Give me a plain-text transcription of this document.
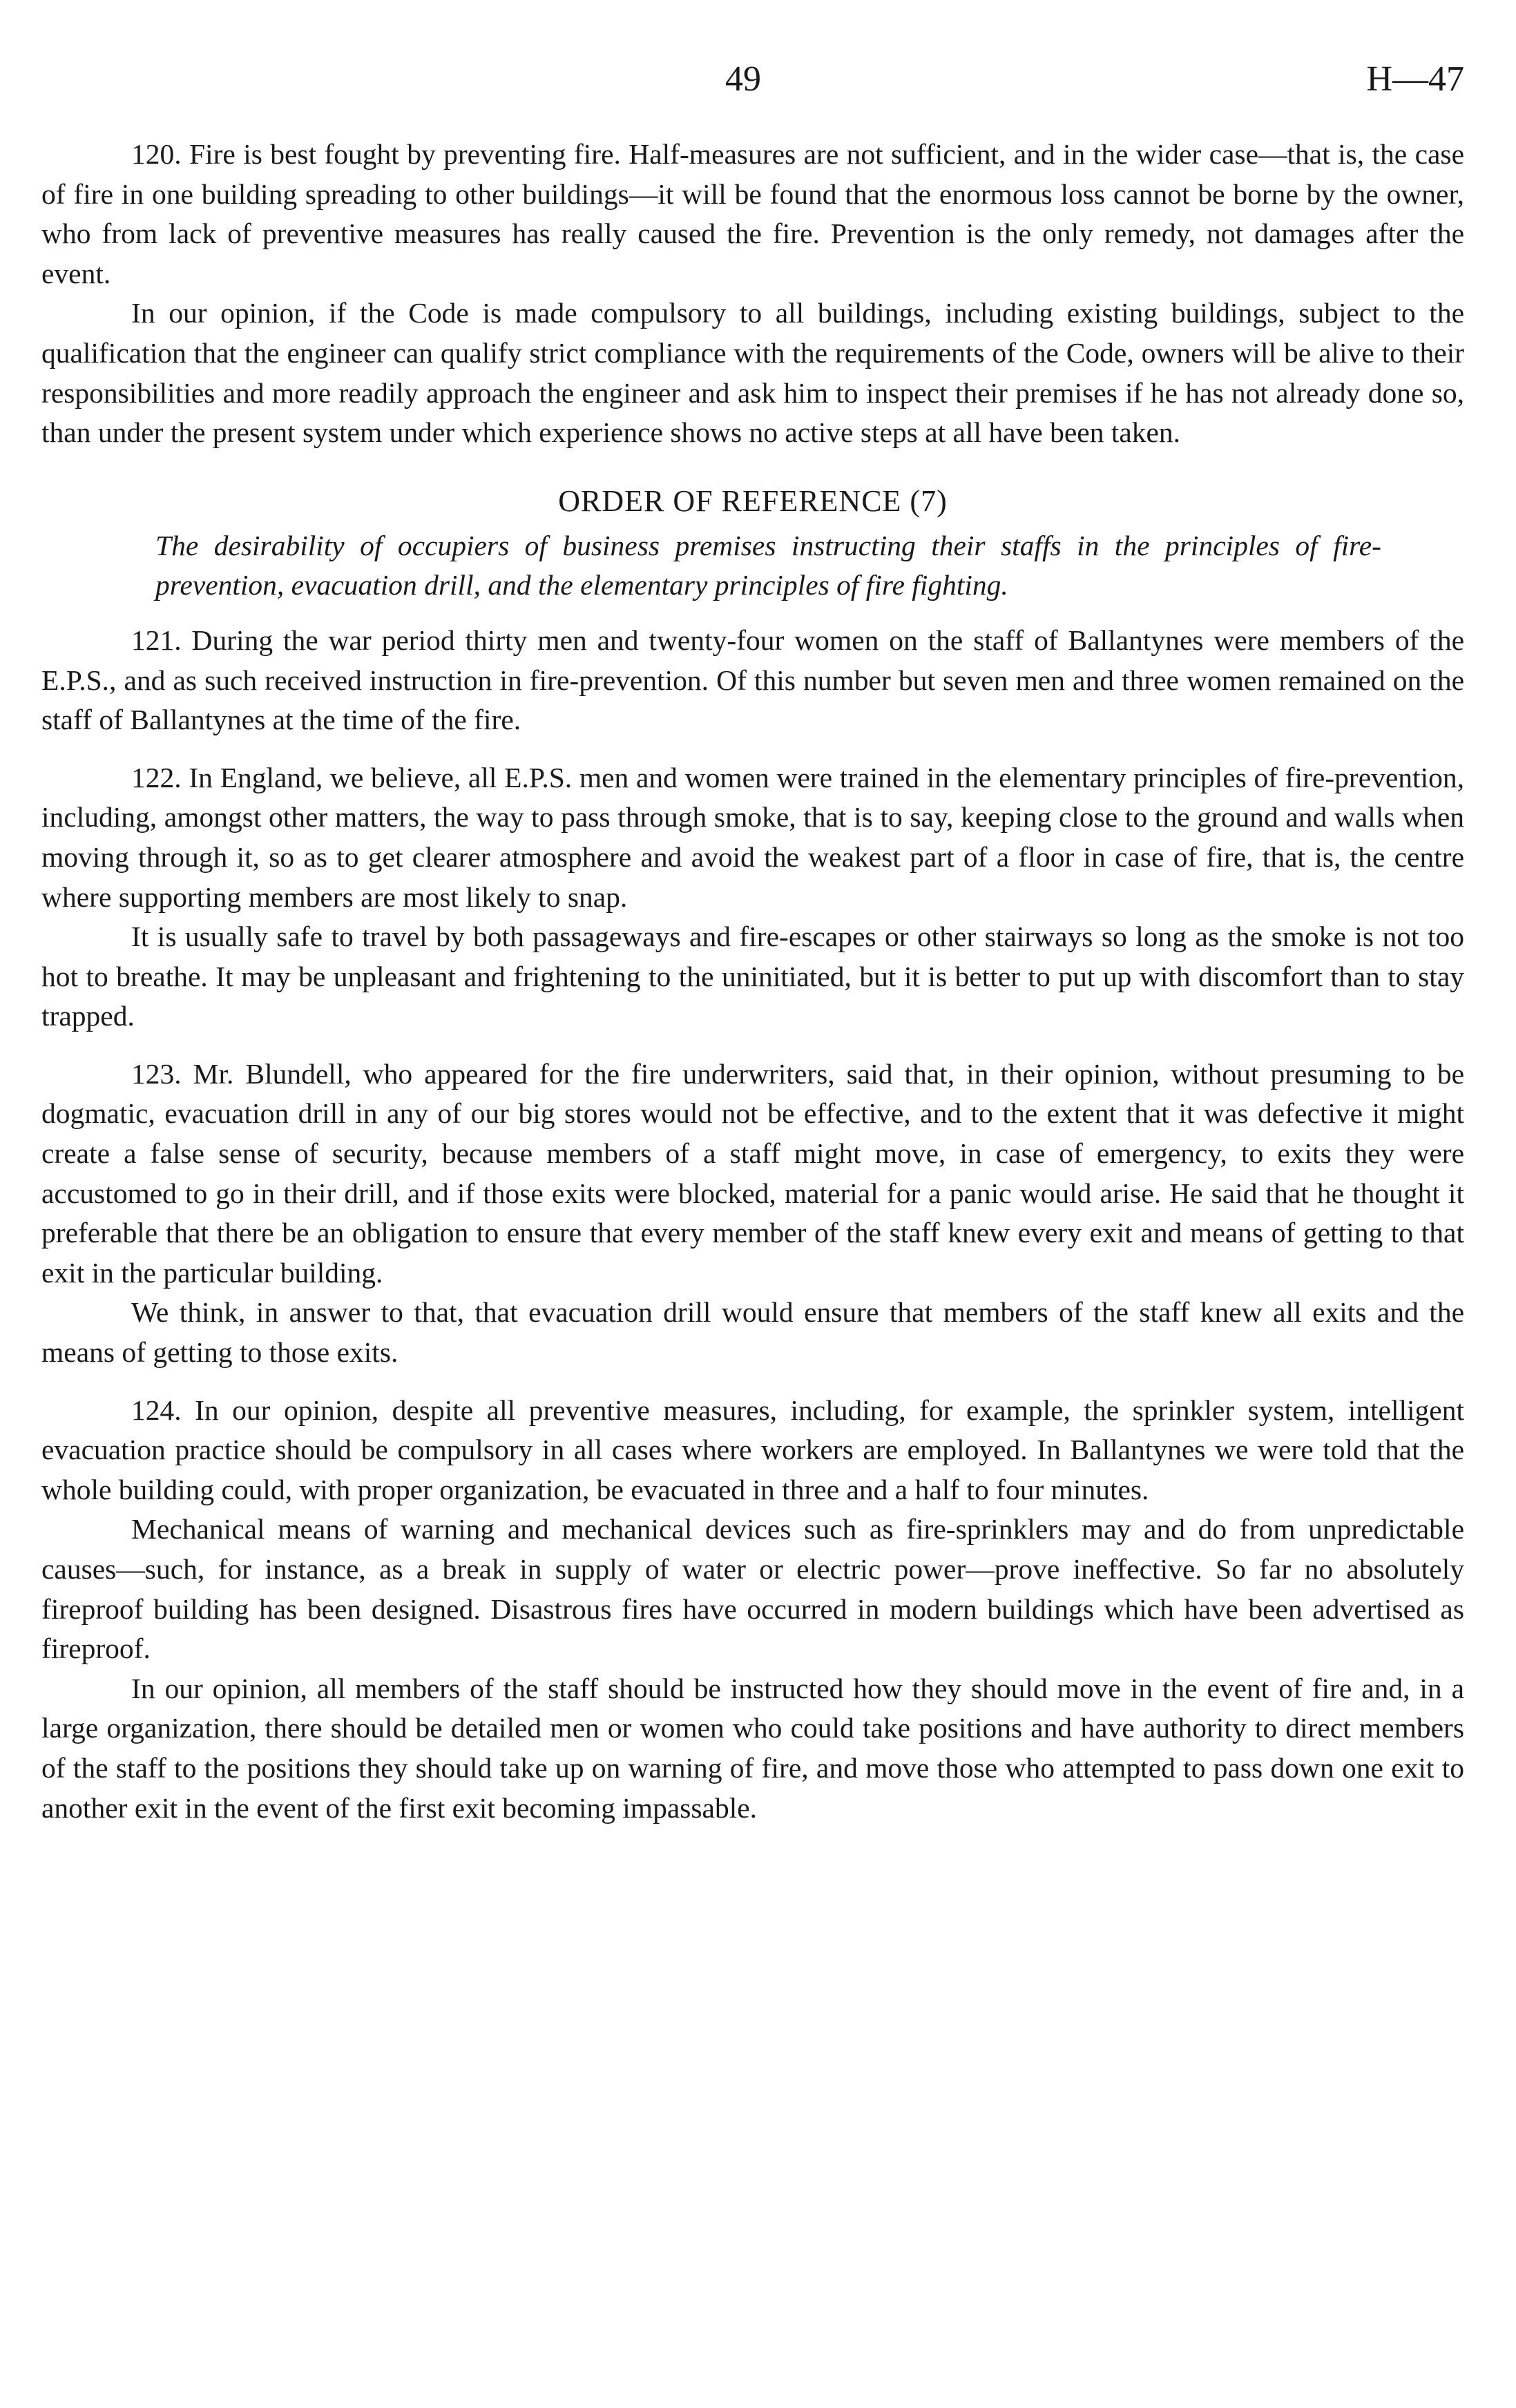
49	H—47

120. Fire is best fought by preventing fire. Half-measures are not sufficient, and in the wider case—that is, the case of fire in one building spreading to other buildings—it will be found that the enormous loss cannot be borne by the owner, who from lack of preventive measures has really caused the fire. Prevention is the only remedy, not damages after the event.

In our opinion, if the Code is made compulsory to all buildings, including existing buildings, subject to the qualification that the engineer can qualify strict compliance with the requirements of the Code, owners will be alive to their responsibilities and more readily approach the engineer and ask him to inspect their premises if he has not already done so, than under the present system under which experience shows no active steps at all have been taken.

ORDER OF REFERENCE (7)

The desirability of occupiers of business premises instructing their staffs in the principles of fire-prevention, evacuation drill, and the elementary principles of fire fighting.

121. During the war period thirty men and twenty-four women on the staff of Ballantynes were members of the E.P.S., and as such received instruction in fire-prevention. Of this number but seven men and three women remained on the staff of Ballantynes at the time of the fire.

122. In England, we believe, all E.P.S. men and women were trained in the elementary principles of fire-prevention, including, amongst other matters, the way to pass through smoke, that is to say, keeping close to the ground and walls when moving through it, so as to get clearer atmosphere and avoid the weakest part of a floor in case of fire, that is, the centre where supporting members are most likely to snap.

It is usually safe to travel by both passageways and fire-escapes or other stairways so long as the smoke is not too hot to breathe. It may be unpleasant and frightening to the uninitiated, but it is better to put up with discomfort than to stay trapped.

123. Mr. Blundell, who appeared for the fire underwriters, said that, in their opinion, without presuming to be dogmatic, evacuation drill in any of our big stores would not be effective, and to the extent that it was defective it might create a false sense of security, because members of a staff might move, in case of emergency, to exits they were accustomed to go in their drill, and if those exits were blocked, material for a panic would arise. He said that he thought it preferable that there be an obligation to ensure that every member of the staff knew every exit and means of getting to that exit in the particular building.

We think, in answer to that, that evacuation drill would ensure that members of the staff knew all exits and the means of getting to those exits.

124. In our opinion, despite all preventive measures, including, for example, the sprinkler system, intelligent evacuation practice should be compulsory in all cases where workers are employed. In Ballantynes we were told that the whole building could, with proper organization, be evacuated in three and a half to four minutes.

Mechanical means of warning and mechanical devices such as fire-sprinklers may and do from unpredictable causes—such, for instance, as a break in supply of water or electric power—prove ineffective. So far no absolutely fireproof building has been designed. Disastrous fires have occurred in modern buildings which have been advertised as fireproof.

In our opinion, all members of the staff should be instructed how they should move in the event of fire and, in a large organization, there should be detailed men or women who could take positions and have authority to direct members of the staff to the positions they should take up on warning of fire, and move those who attempted to pass down one exit to another exit in the event of the first exit becoming impassable.
